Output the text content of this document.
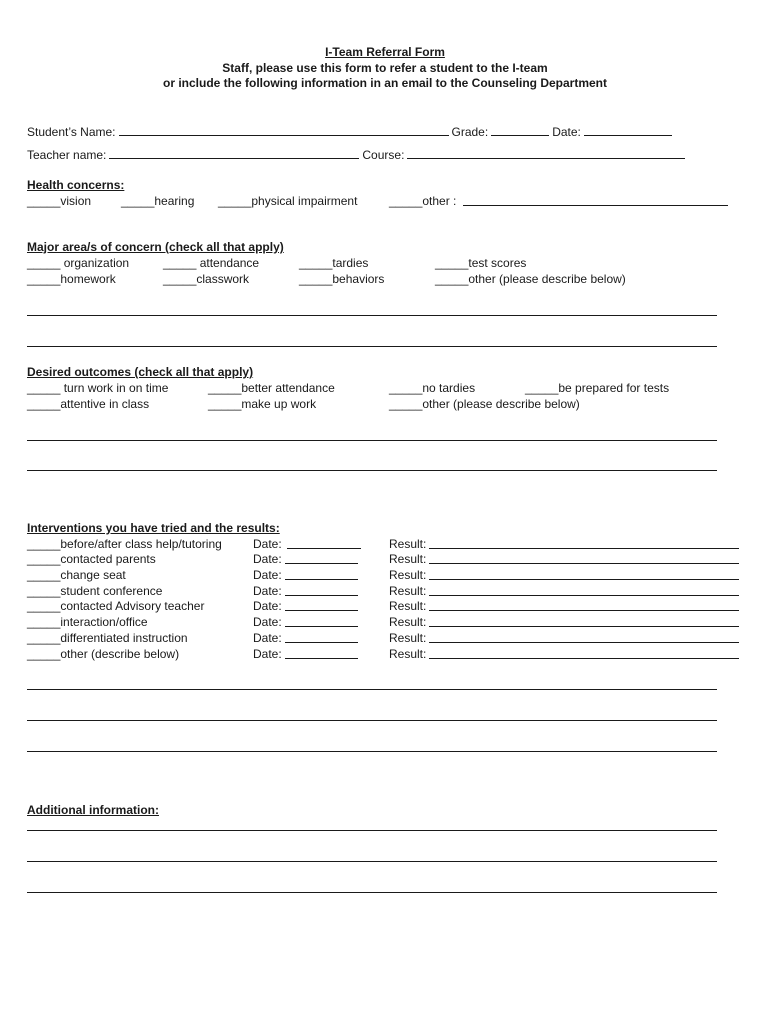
I-Team Referral Form
Staff, please use this form to refer a student to the I-team
or include the following information in an email to the Counseling Department
Student’s Name:	Grade:	Date:
Teacher name:	Course:
Health concerns:
_____vision _____hearing _____physical impairment	_____other :
Major area/s of concern (check all that apply)
_____ organization	_____ attendance	_____tardies	_____test scores
_____homework	_____classwork	_____behaviors	_____other (please describe below)
Desired outcomes (check all that apply)
_____ turn work in on time	_____better attendance	_____no tardies	_____be prepared for tests
_____attentive in class	_____make up work	_____other (please describe below)
Interventions you have tried and the results:
_____before/after class help/tutoring	Date:	Result:
_____contacted parents	Date:	Result:
_____change seat	Date:	Result:
_____student conference	Date:	Result:
_____contacted Advisory teacher	Date:	Result:
_____interaction/office	Date:	Result:
_____differentiated instruction	Date:	Result:
_____other (describe below)	Date:	Result:
Additional information:
